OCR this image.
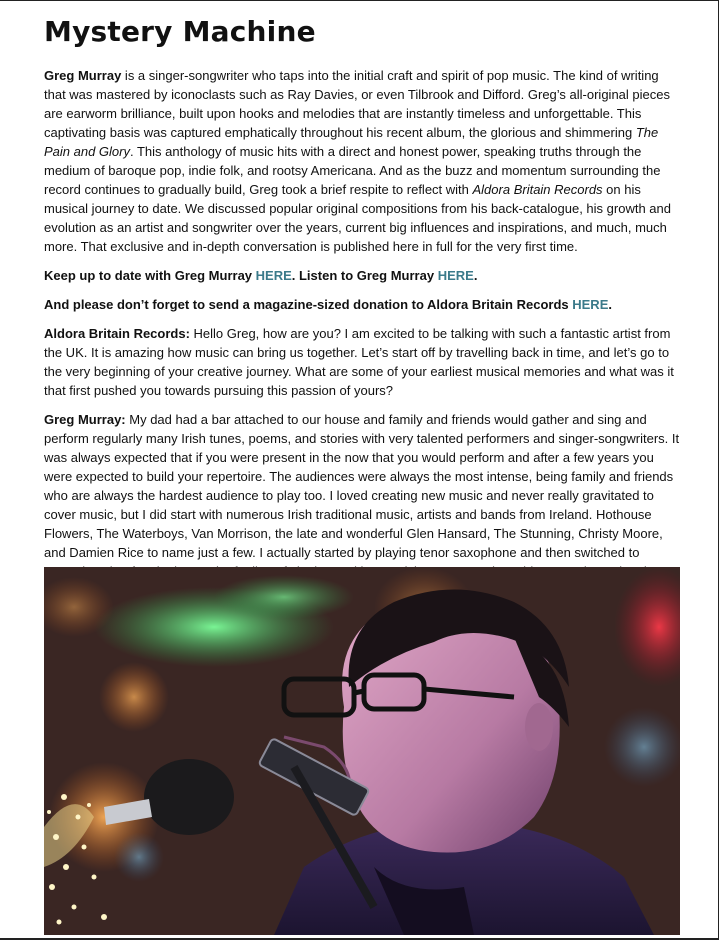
Mystery Machine

Greg Murray is a singer-songwriter who taps into the initial craft and spirit of pop music. The kind of writing that was mastered by iconoclasts such as Ray Davies, or even Tilbrook and Difford. Greg’s all-original pieces are earworm brilliance, built upon hooks and melodies that are instantly timeless and unforgettable. This captivating basis was captured emphatically throughout his recent album, the glorious and shimmering The Pain and Glory. This anthology of music hits with a direct and honest power, speaking truths through the medium of baroque pop, indie folk, and rootsy Americana. And as the buzz and momentum surrounding the record continues to gradually build, Greg took a brief respite to reflect with Aldora Britain Records on his musical journey to date. We discussed popular original compositions from his back-catalogue, his growth and evolution as an artist and songwriter over the years, current big influences and inspirations, and much, much more. That exclusive and in-depth conversation is published here in full for the very first time.

Keep up to date with Greg Murray HERE. Listen to Greg Murray HERE.

And please don’t forget to send a magazine-sized donation to Aldora Britain Records HERE.

Aldora Britain Records: Hello Greg, how are you? I am excited to be talking with such a fantastic artist from the UK. It is amazing how music can bring us together. Let’s start off by travelling back in time, and let’s go to the very beginning of your creative journey. What are some of your earliest musical memories and what was it that first pushed you towards pursuing this passion of yours?

Greg Murray: My dad had a bar attached to our house and family and friends would gather and sing and perform regularly many Irish tunes, poems, and stories with very talented performers and singer-songwriters. It was always expected that if you were present in the now that you would perform and after a few years you were expected to build your repertoire. The audiences were always the most intense, being family and friends who are always the hardest audience to play too. I loved creating new music and never really gravitated to cover music, but I did start with numerous Irish traditional music, artists and bands from Ireland. Hothouse Flowers, The Waterboys, Van Morrison, the late and wonderful Glen Hansard, The Stunning, Christy Moore, and Damien Rice to name just a few. I actually started by playing tenor saxophone and then switched to
